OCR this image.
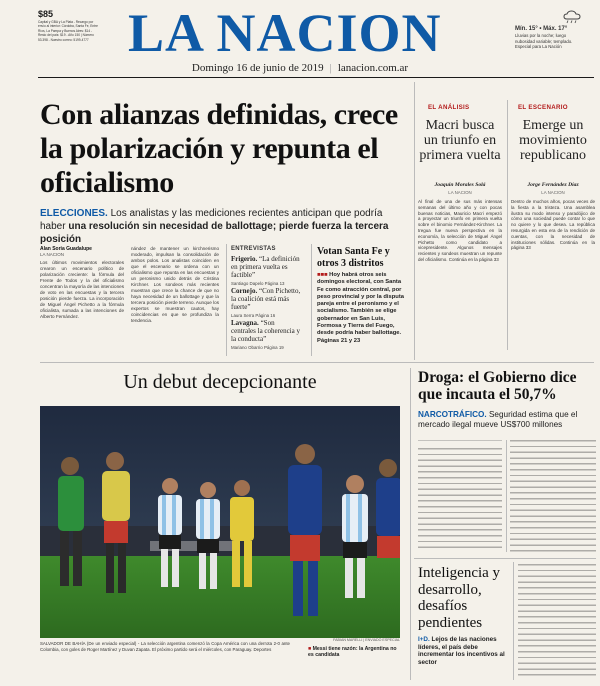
$85
Capital y GBA y La Plata - Recargo por envío al interior: Córdoba, Santa Fe, Entre Ríos, La Pampa y Buenos Aires: $14 - Resto del país: $19 - Año 150 | Número 53.398 - Nuestro correo: 5199-4777 LA NACION	Mín. 15° • Máx. 17°
Lluvias por la noche; luego nubosidad variable; templado.
Especial para La Nación
Domingo 16 de junio de 2019 | lanacion.com.ar
Con alianzas definidas, crece la polarización y repunta el oficialismo
ELECCIONES. Los analistas y las mediciones recientes anticipan que podría haber una resolución sin necesidad de ballottage; pierde fuerza la tercera posición
Alan Soria Guadalupe
LA NACION
Los últimos movimientos electorales crearon un escenario político de polarización creciente: la fórmula del Frente de Todos y la del oficialismo concentran la mayoría de las intenciones de voto en las encuestas y la tercera posición pierde fuerza. La incorporación de Miguel Ángel Pichetto a la fórmula oficialista, sumada a las intenciones de Alberto Fernández.
nández de mantener un kirchnerismo moderado, impulsan la consolidación de ambos polos. Los analistas coinciden en que el escenario se ordena con un oficialismo que repunta en las encuestas y un peronismo unido detrás de Cristina Kirchner. Los sondeos más recientes muestran que crece la chance de que no haya necesidad de un ballottage y que la tercera posición pierde terreno. Aunque los expertos se muestran cautos, hay coincidencias en que se profundiza la tendencia.
ENTREVISTAS
Frigerio. “La definición en primera vuelta es factible”
Santiago Dapelo Página 13
Cornejo. “Con Pichetto, la coalición está más fuerte”
Laura Serra Página 16
Lavagna. “Son centrales la coherencia y la conducta”
Mariano Obarrio Página 19
Votan Santa Fe y otros 3 distritos
■■■ Hoy habrá otros seis domingos electoral, con Santa Fe como atracción central, por peso provincial y por la disputa pareja entre el peronismo y el socialismo. También se elige gobernador en San Luis, Formosa y Tierra del Fuego, desde podría haber ballottage. Páginas 21 y 23
EL ANÁLISIS
Macri busca un triunfo en primera vuelta
Joaquín Morales Solá
LA NACION
Al final de una de sus más intensas semanas del último año y con pocas buenas noticias, Mauricio Macri empezó a proyectar un triunfo en primera vuelta sobre el binomio Fernández-Kirchner. La tregua fue nueva perspectiva en la economía, la selección de Miguel Ángel Pichetto como candidato a vicepresidente. Algunos mensajes recientes y sondeos muestran un repunte del oficialismo. Continúa en la página 33
EL ESCENARIO
Emerge un movimiento republicano
Jorge Fernández Díaz
LA NACION
Dentro de muchos años, pocas veces de la fiesta a la tristeza. Una asamblea ilustra su modo intenso y paradójico de cómo una sociedad puede contar lo que no quiere y lo que desea. La república resurgida en esta era de la rendición de cuentas, con la necesidad de instituciones sólidas. Continúa en la página 33
Un debut decepcionante
FABIAN MARELLI | ENVIADO ESPECIAL
SALVADOR DE BAHÍA (De un enviado especial) - La selección argentina comenzó la Copa América con una derrota 2-0 ante Colombia, con goles de Roger Martínez y Duvan Zapata. El próximo partido será el miércoles, con Paraguay. Deportes	■ Messi tiene razón: la Argentina no es candidata
Droga: el Gobierno dice que incauta el 50,7%
NARCOTRÁFICO. Seguridad estima que el mercado ilegal mueve US$700 millones
Inteligencia y desarrollo, desafíos pendientes
I+D. Lejos de las naciones líderes, el país debe incrementar los incentivos al sector
